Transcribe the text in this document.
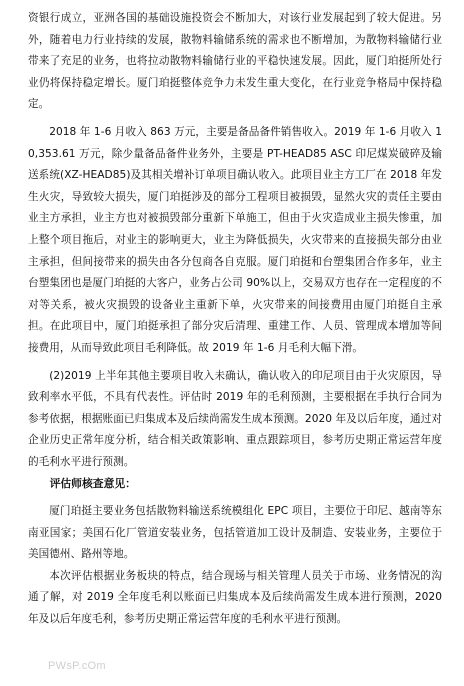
资银行成立，亚洲各国的基础设施投资会不断加大，对该行业发展起到了较大促进。另外，随着电力行业持续的发展，散物料输储系统的需求也不断增加，为散物料输储行业带来了充足的业务，也将拉动散物料输储行业的平稳快速发展。因此，厦门珀挺所处行业仍将保持稳定增长。厦门珀挺整体竞争力未发生重大变化，在行业竞争格局中保持稳定。

2018 年 1-6 月收入 863 万元，主要是备品备件销售收入。2019 年 1-6 月收入 10,353.61 万元，除少量备品备件业务外，主要是 PT-HEAD85 ASC 印尼煤炭破碎及输送系统(XZ-HEAD85)及其相关增补订单项目确认收入。此项目业主方工厂在 2018 年发生火灾，导致较大损失，厦门珀挺涉及的部分工程项目被损毁，显然火灾的责任主要由业主方承担，业主方也对被损毁部分重新下单施工，但由于火灾造成业主损失惨重，加上整个项目拖后，对业主的影响更大，业主为降低损失，火灾带来的直接损失部分由业主承担，但间接带来的损失由各分包商各自克服。厦门珀挺和台塑集团合作多年，业主台塑集团也是厦门珀挺的大客户，业务占公司 90%以上，交易双方也存在一定程度的不对等关系，被火灾损毁的设备业主重新下单，火灾带来的间接费用由厦门珀挺自主承担。在此项目中，厦门珀挺承担了部分灾后清理、重建工作、人员、管理成本增加等间接费用，从而导致此项目毛利降低。故 2019 年 1-6 月毛利大幅下滑。

(2)2019 上半年其他主要项目收入未确认，确认收入的印尼项目由于火灾原因，导致利率水平低，不具有代表性。评估时 2019 年的毛利预测，主要根据在手执行合同为参考依据，根据账面已归集成本及后续尚需发生成本预测。2020 年及以后年度，通过对企业历史正常年度分析，结合相关政策影响、重点跟踪项目，参考历史期正常运营年度的毛利水平进行预测。

评估师核查意见：

厦门珀挺主要业务包括散物料输送系统模组化 EPC 项目，主要位于印尼、越南等东南亚国家；美国石化厂管道安装业务，包括管道加工设计及制造、安装业务，主要位于美国德州、路州等地。

本次评估根据业务板块的特点，结合现场与相关管理人员关于市场、业务情况的沟通了解，对 2019 全年度毛利以账面已归集成本及后续尚需发生成本进行预测，2020 年及以后年度毛利，参考历史期正常运营年度的毛利水平进行预测。

PWsP.cOm
